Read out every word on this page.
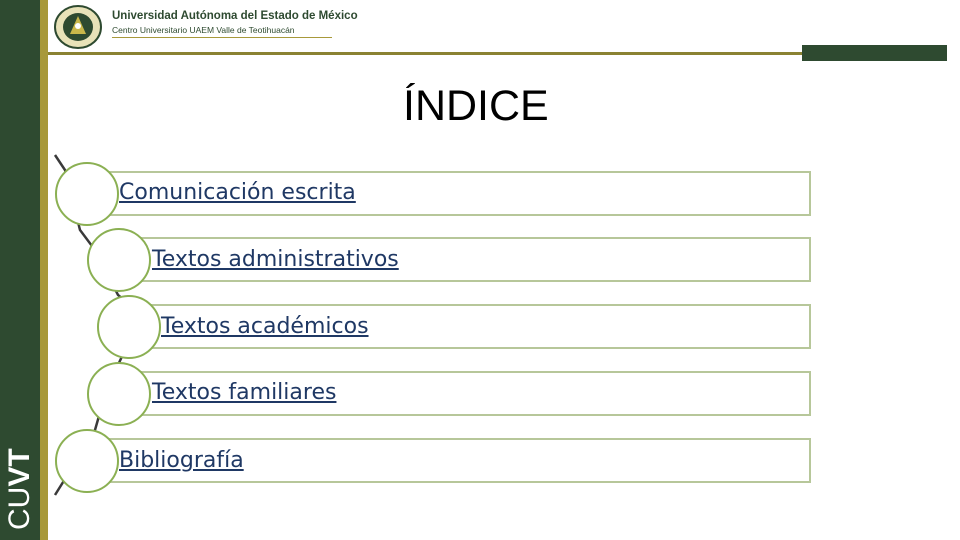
CUVT
Universidad Autónoma del Estado de México
Centro Universitario UAEM Valle de Teotihuacán
ÍNDICE
Comunicación escrita
Textos administrativos
Textos académicos
Textos familiares
Bibliografía
